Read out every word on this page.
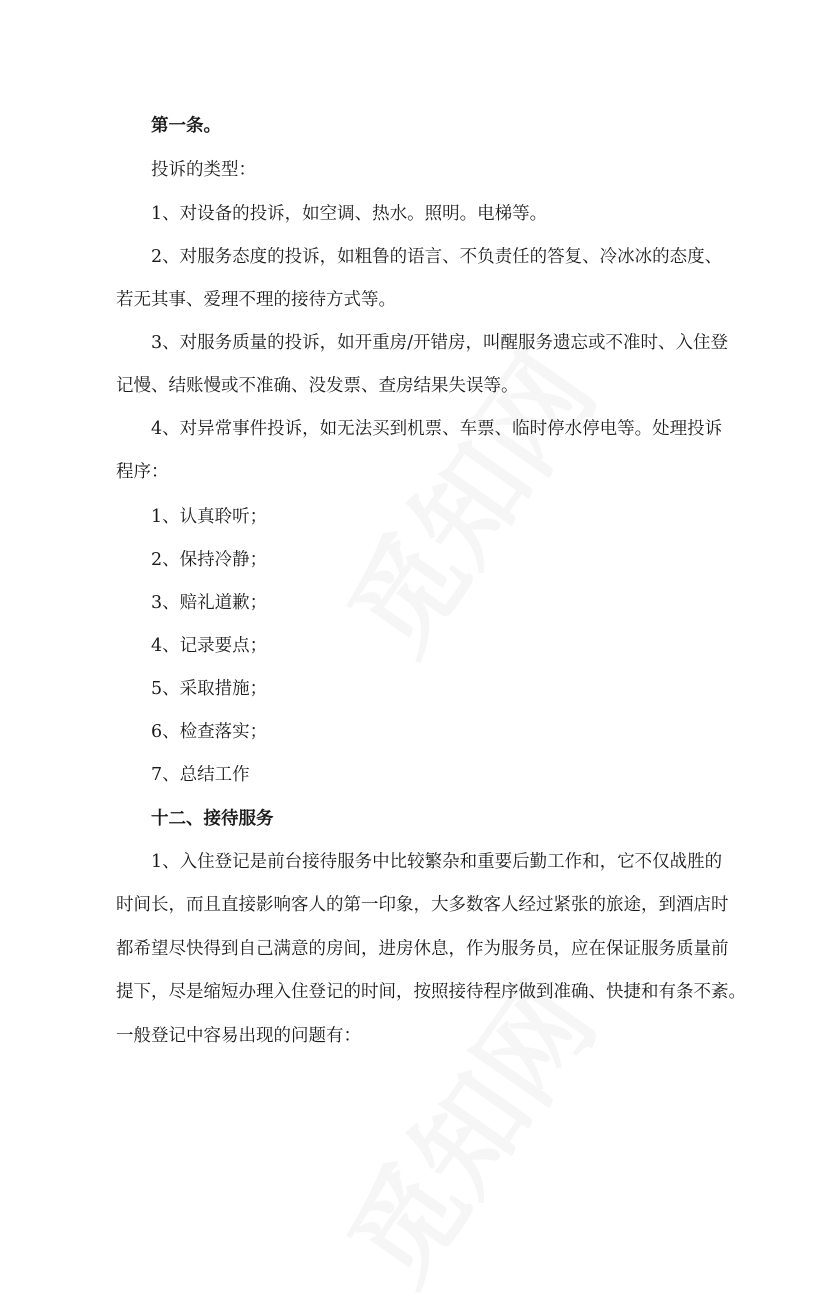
第一条。
投诉的类型：
1、对设备的投诉，如空调、热水。照明。电梯等。
2、对服务态度的投诉，如粗鲁的语言、不负责任的答复、冷冰冰的态度、
若无其事、爱理不理的接待方式等。
3、对服务质量的投诉，如开重房/开错房，叫醒服务遗忘或不准时、入住登
记慢、结账慢或不准确、没发票、查房结果失误等。
4、对异常事件投诉，如无法买到机票、车票、临时停水停电等。处理投诉
程序：
1、认真聆听；
2、保持冷静；
3、赔礼道歉；
4、记录要点；
5、采取措施；
6、检查落实；
7、总结工作
十二、接待服务
1、入住登记是前台接待服务中比较繁杂和重要后勤工作和，它不仅战胜的
时间长，而且直接影响客人的第一印象，大多数客人经过紧张的旅途，到酒店时
都希望尽快得到自己满意的房间，进房休息，作为服务员，应在保证服务质量前
提下，尽是缩短办理入住登记的时间，按照接待程序做到准确、快捷和有条不紊。
一般登记中容易出现的问题有：
